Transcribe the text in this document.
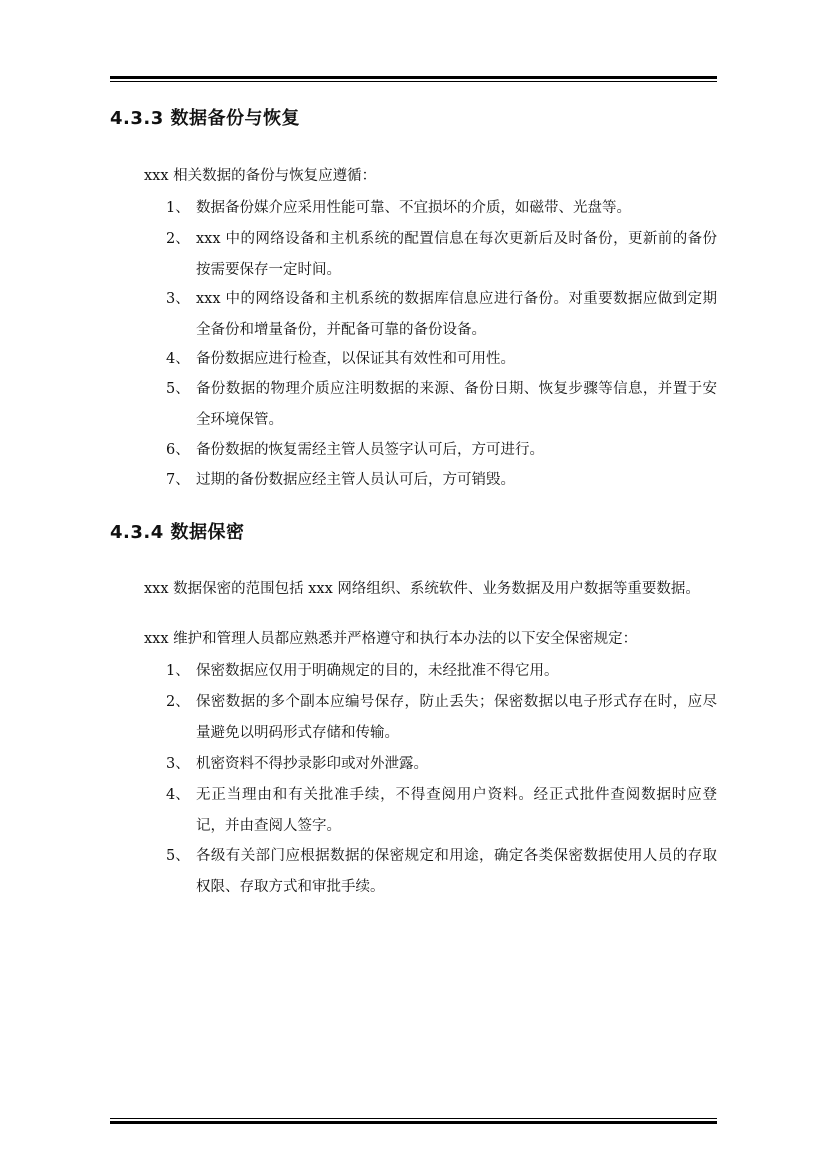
4.3.3 数据备份与恢复

xxx 相关数据的备份与恢复应遵循：

1、 数据备份媒介应采用性能可靠、不宜损坏的介质，如磁带、光盘等。
2、 xxx 中的网络设备和主机系统的配置信息在每次更新后及时备份，更新前的备份按需要保存一定时间。
3、 xxx 中的网络设备和主机系统的数据库信息应进行备份。对重要数据应做到定期全备份和增量备份，并配备可靠的备份设备。
4、 备份数据应进行检查，以保证其有效性和可用性。
5、 备份数据的物理介质应注明数据的来源、备份日期、恢复步骤等信息，并置于安全环境保管。
6、 备份数据的恢复需经主管人员签字认可后，方可进行。
7、 过期的备份数据应经主管人员认可后，方可销毁。
4.3.4 数据保密

xxx 数据保密的范围包括 xxx 网络组织、系统软件、业务数据及用户数据等重要数据。

xxx 维护和管理人员都应熟悉并严格遵守和执行本办法的以下安全保密规定：

1、 保密数据应仅用于明确规定的目的，未经批准不得它用。
2、 保密数据的多个副本应编号保存，防止丢失；保密数据以电子形式存在时，应尽量避免以明码形式存储和传输。
3、 机密资料不得抄录影印或对外泄露。
4、 无正当理由和有关批准手续，不得查阅用户资料。经正式批件查阅数据时应登记，并由查阅人签字。
5、 各级有关部门应根据数据的保密规定和用途，确定各类保密数据使用人员的存取权限、存取方式和审批手续。
